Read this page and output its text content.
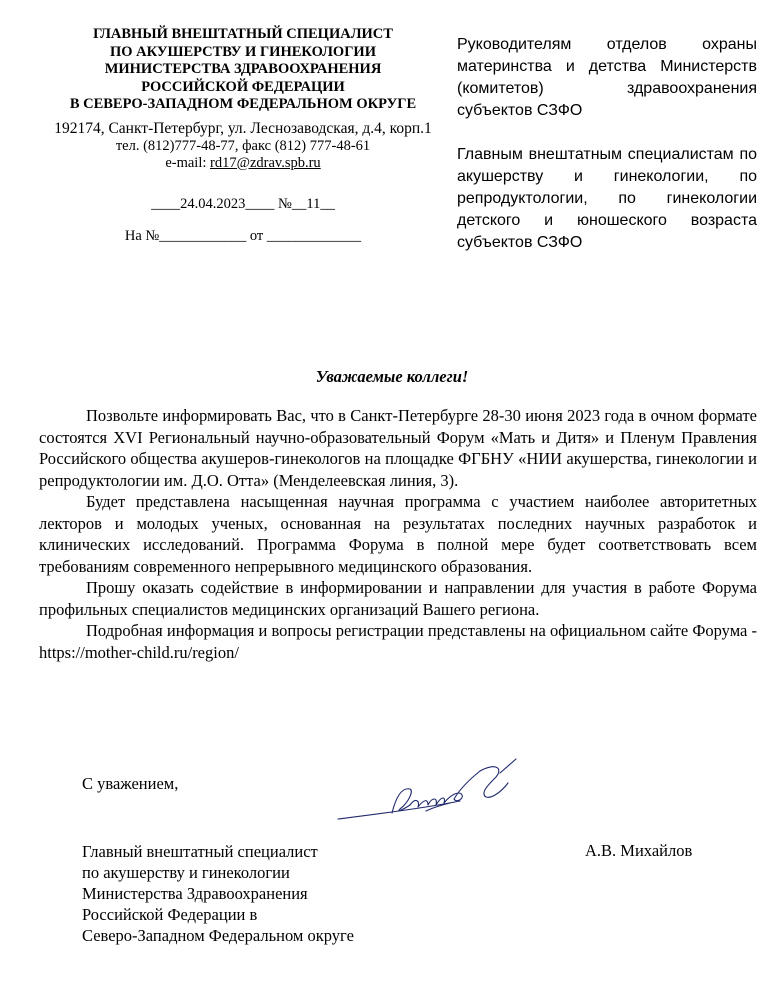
ГЛАВНЫЙ ВНЕШТАТНЫЙ СПЕЦИАЛИСТ
ПО АКУШЕРСТВУ И ГИНЕКОЛОГИИ
МИНИСТЕРСТВА ЗДРАВООХРАНЕНИЯ
РОССИЙСКОЙ ФЕДЕРАЦИИ
В СЕВЕРО-ЗАПАДНОМ ФЕДЕРАЛЬНОМ ОКРУГЕ
192174, Санкт-Петербург, ул. Леснозаводская, д.4, корп.1
тел. (812)777-48-77, факс (812) 777-48-61
e-mail: rd17@zdrav.spb.ru
____24.04.2023____ №__11__
На №____________ от _____________

Руководителям отделов охраны материнства и детства Министерств (комитетов) здравоохранения субъектов СЗФО

Главным внештатным специалистам по акушерству и гинекологии, по репродуктологии, по гинекологии детского и юношеского возраста субъектов СЗФО

Уважаемые коллеги!

Позвольте информировать Вас, что в Санкт-Петербурге 28-30 июня 2023 года в очном формате состоятся XVI Региональный научно-образовательный Форум «Мать и Дитя» и Пленум Правления Российского общества акушеров-гинекологов на площадке ФГБНУ «НИИ акушерства, гинекологии и репродуктологии им. Д.О. Отта» (Менделеевская линия, 3).

Будет представлена насыщенная научная программа с участием наиболее авторитетных лекторов и молодых ученых, основанная на результатах последних научных разработок и клинических исследований. Программа Форума в полной мере будет соответствовать всем требованиям современного непрерывного медицинского образования.

Прошу оказать содействие в информировании и направлении для участия в работе Форума профильных специалистов медицинских организаций Вашего региона.

Подробная информация и вопросы регистрации представлены на официальном сайте Форума - https://mother-child.ru/region/

С уважением,
Главный внештатный специалист
по акушерству и гинекологии
Министерства Здравоохранения
Российской Федерации в
Северо-Западном Федеральном округе
А.В. Михайлов
